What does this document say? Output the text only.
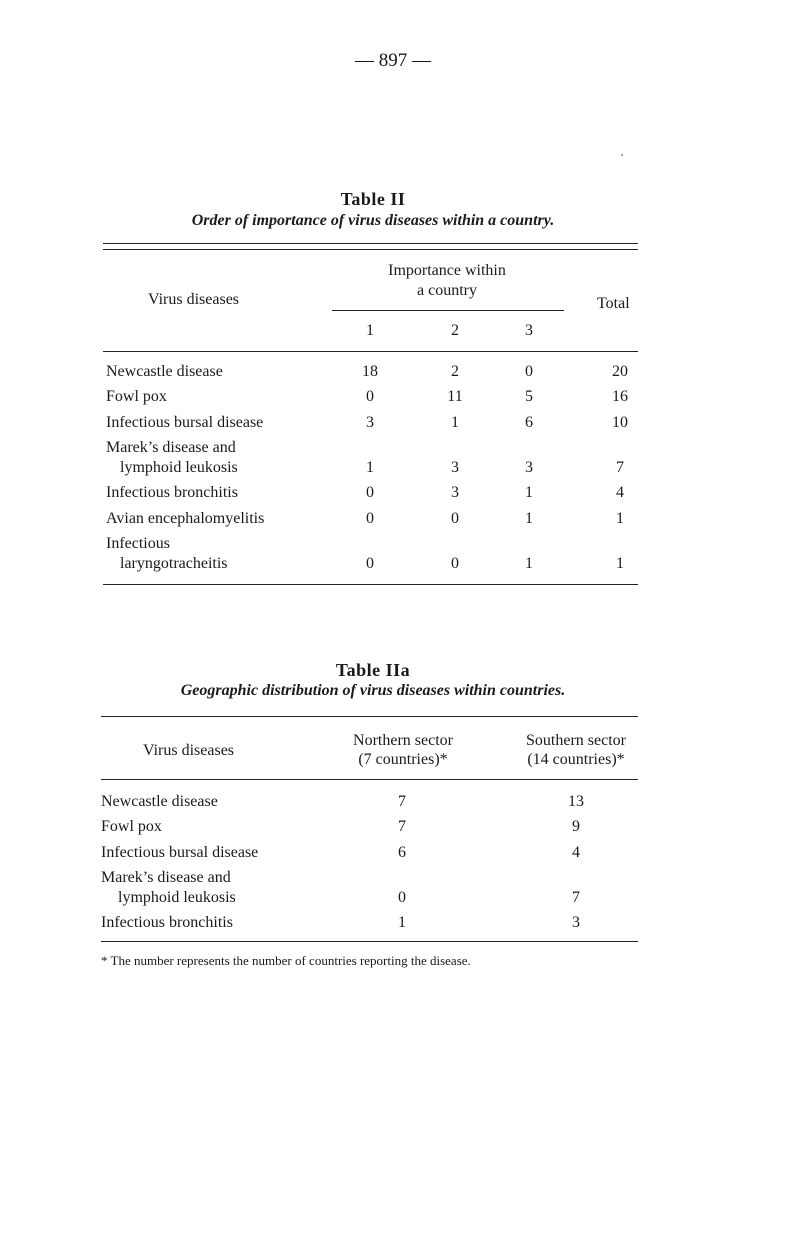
— 897 —
Table II
Order of importance of virus diseases within a country.
Virus diseases
Importance within
a country
Total
1	2	3
Newcastle disease	18	2	0	20
Fowl pox	0	11	5	16
Infectious bursal disease	3	1	6	10
Marek’s disease and
lymphoid leukosis	1	3	3	7
Infectious bronchitis	0	3	1	4
Avian encephalomyelitis	0	0	1	1
Infectious
laryngotracheitis	0	0	1	1
Table IIa
Geographic distribution of virus diseases within countries.
Virus diseases
Northern sector
(7 countries)*
Southern sector
(14 countries)*
Newcastle disease	7	13
Fowl pox	7	9
Infectious bursal disease	6	4
Marek’s disease and
lymphoid leukosis	0	7
Infectious bronchitis	1	3
* The number represents the number of countries reporting the disease.
